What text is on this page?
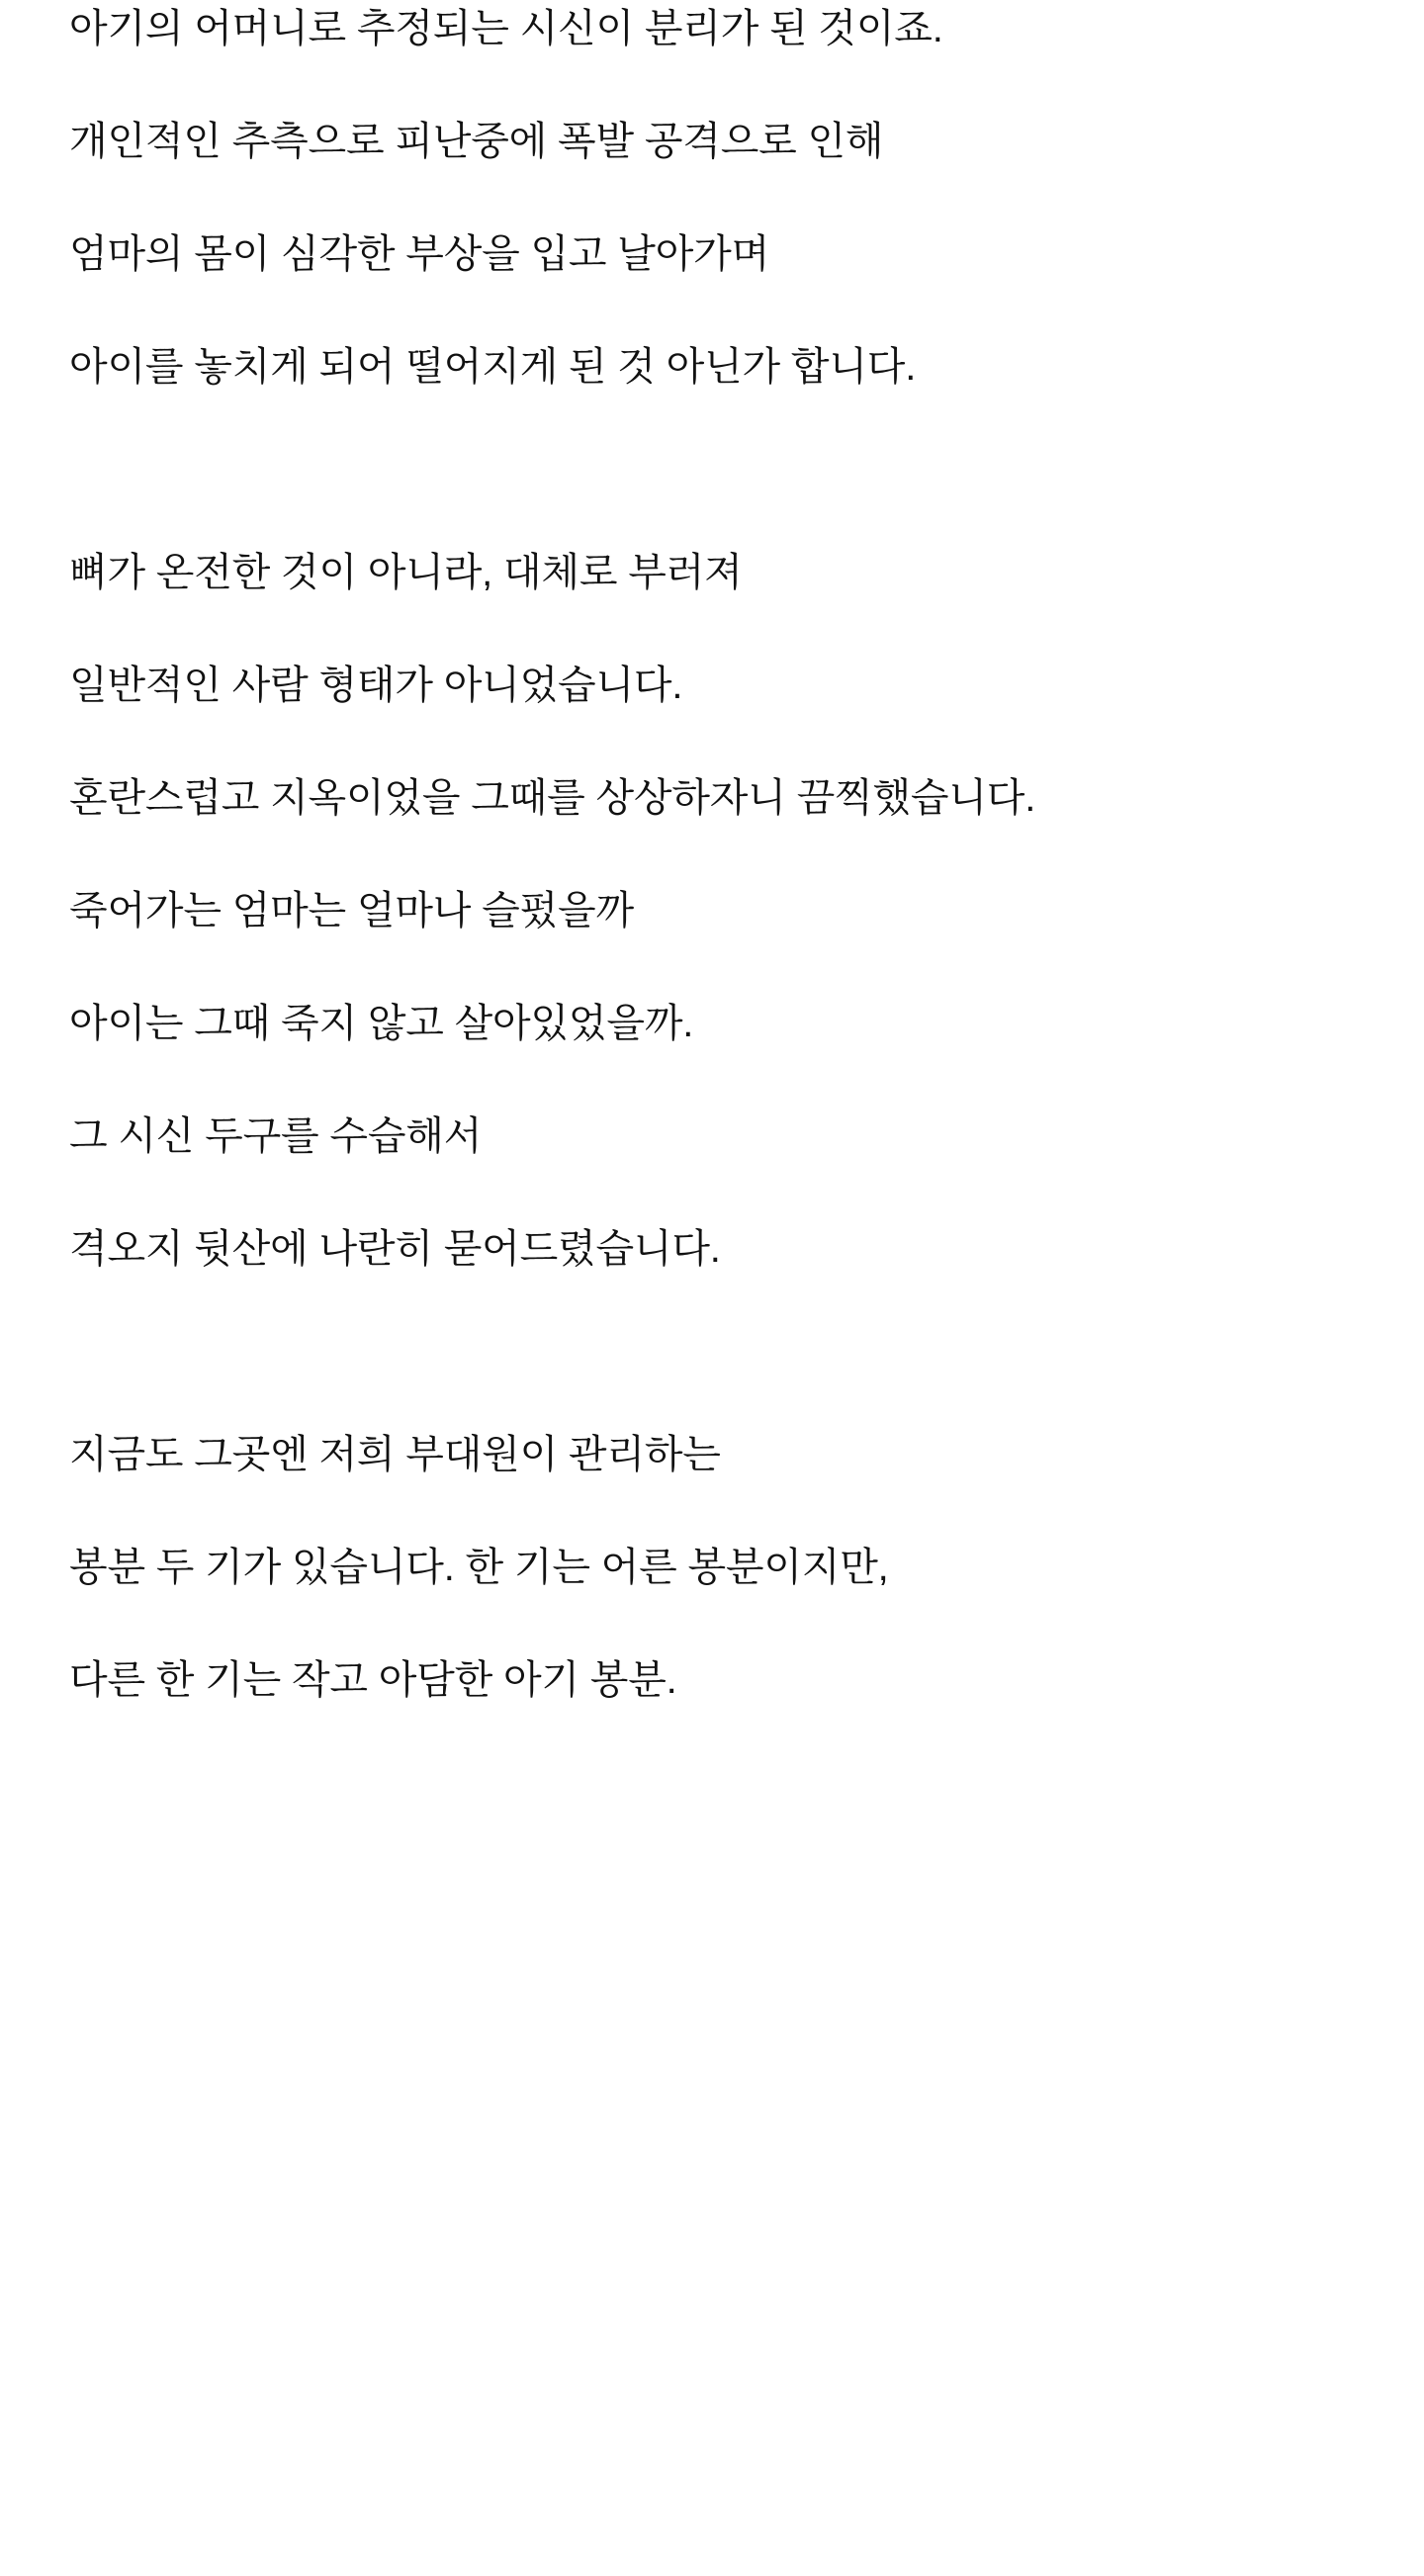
아기의 어머니로 추정되는 시신이 분리가 된 것이죠.

개인적인 추측으로 피난중에 폭발 공격으로 인해

엄마의 몸이 심각한 부상을 입고 날아가며

아이를 놓치게 되어 떨어지게 된 것 아닌가 합니다.

뼈가 온전한 것이 아니라, 대체로 부러져

일반적인 사람 형태가 아니었습니다.

혼란스럽고 지옥이었을 그때를 상상하자니 끔찍했습니다.

죽어가는 엄마는 얼마나 슬펐을까

아이는 그때 죽지 않고 살아있었을까.

그 시신 두구를 수습해서

격오지 뒷산에 나란히 묻어드렸습니다.

지금도 그곳엔 저희 부대원이 관리하는

봉분 두 기가 있습니다. 한 기는 어른 봉분이지만,

다른 한 기는 작고 아담한 아기 봉분.
